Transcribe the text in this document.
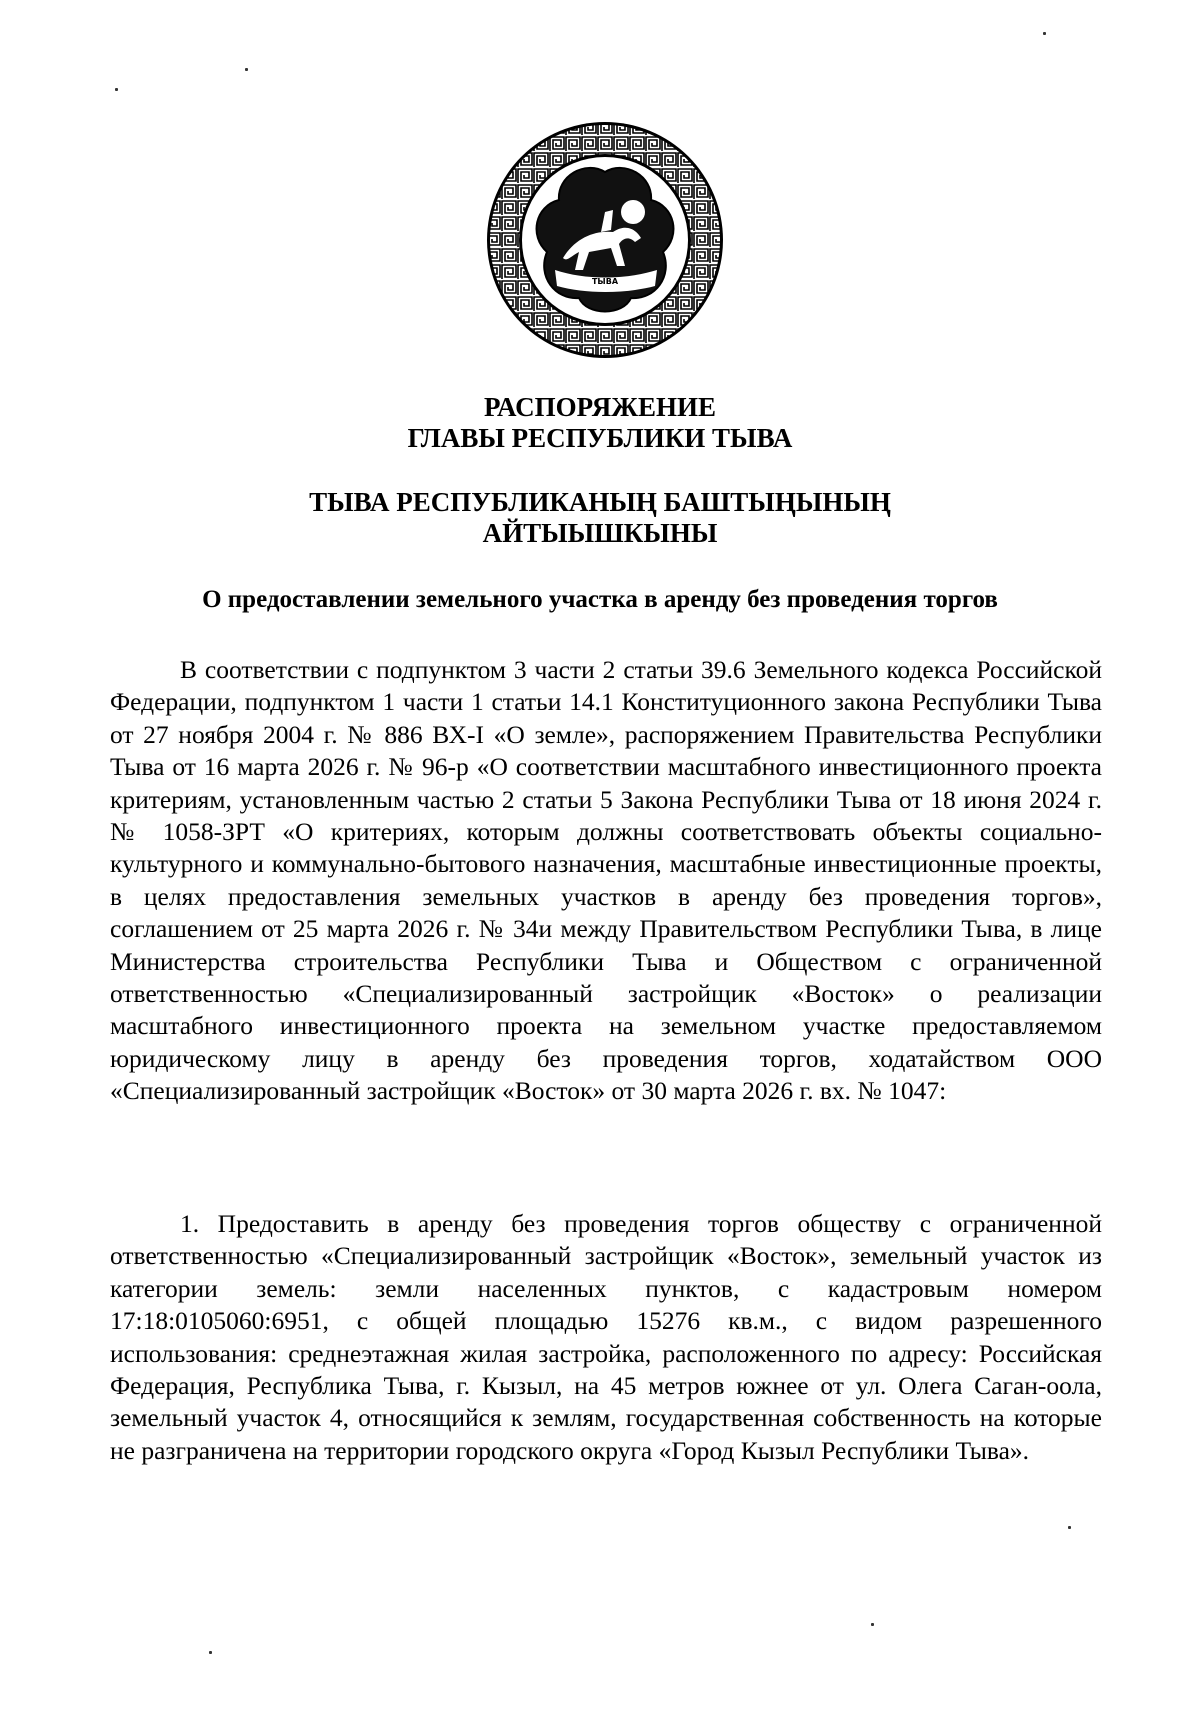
ТЫВА
РАСПОРЯЖЕНИЕ
ГЛАВЫ РЕСПУБЛИКИ ТЫВА
ТЫВА РЕСПУБЛИКАНЫҢ БАШТЫҢЫНЫҢ
АЙТЫЫШКЫНЫ
О предоставлении земельного участка в аренду без проведения торгов

В соответствии с подпунктом 3 части 2 статьи 39.6 Земельного кодекса Российской Федерации, подпунктом 1 части 1 статьи 14.1 Конституционного закона Республики Тыва от 27 ноября 2004 г. № 886 ВХ-I «О земле», распоряжением Правительства Республики Тыва от 16 марта 2026 г. № 96-р «О соответствии масштабного инвестиционного проекта критериям, установленным частью 2 статьи 5 Закона Республики Тыва от 18 июня 2024 г. № 1058-ЗРТ «О критериях, которым должны соответствовать объекты социально-культурного и коммунально-бытового назначения, масштабные инвестиционные проекты, в целях предоставления земельных участков в аренду без проведения торгов», соглашением от 25 марта 2026 г. № 34и между Правительством Республики Тыва, в лице Министерства строительства Республики Тыва и Обществом с ограниченной ответственностью «Специализированный застройщик «Восток» о реализации масштабного инвестиционного проекта на земельном участке предоставляемом юридическому лицу в аренду без проведения торгов, ходатайством ООО «Специализированный застройщик «Восток» от 30 марта 2026 г. вх. № 1047:

1. Предоставить в аренду без проведения торгов обществу с ограниченной ответственностью «Специализированный застройщик «Восток», земельный участок из категории земель: земли населенных пунктов, с кадастровым номером 17:18:0105060:6951, с общей площадью 15276 кв.м., с видом разрешенного использования: среднеэтажная жилая застройка, расположенного по адресу: Российская Федерация, Республика Тыва, г. Кызыл, на 45 метров южнее от ул. Олега Саган-оола, земельный участок 4, относящийся к землям, государственная собственность на которые не разграничена на территории городского округа «Город Кызыл Республики Тыва».
